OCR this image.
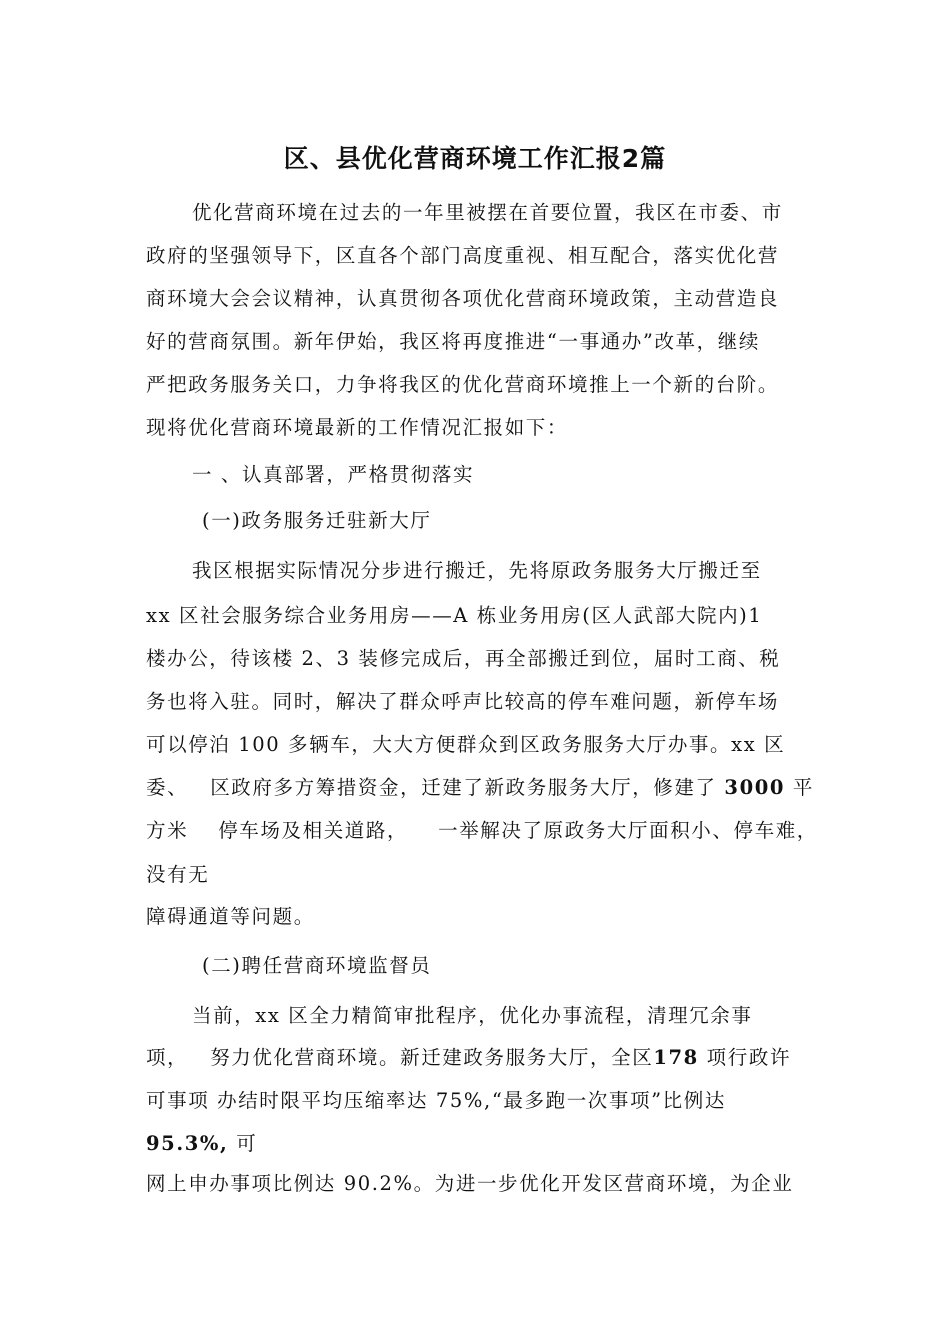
区、县优化营商环境工作汇报2篇
优化营商环境在过去的一年里被摆在首要位置，我区在市委、市
政府的坚强领导下，区直各个部门高度重视、相互配合，落实优化营
商环境大会会议精神，认真贯彻各项优化营商环境政策，主动营造良
好的营商氛围。新年伊始，我区将再度推进“一事通办”改革，继续
严把政务服务关口，力争将我区的优化营商环境推上一个新的台阶。
现将优化营商环境最新的工作情况汇报如下：
一 、认真部署，严格贯彻落实
(一)政务服务迁驻新大厅
我区根据实际情况分步进行搬迁，先将原政务服务大厅搬迁至
xx 区社会服务综合业务用房——A 栋业务用房(区人武部大院内)1
楼办公，待该楼 2、3 装修完成后，再全部搬迁到位，届时工商、税
务也将入驻。同时，解决了群众呼声比较高的停车难问题，新停车场
可以停泊 100 多辆车，大大方便群众到区政务服务大厅办事。xx 区
委、 区政府多方筹措资金，迁建了新政务服务大厅，修建了 3000 平
方米 停车场及相关道路， 一举解决了原政务大厅面积小、停车难，
没有无
障碍通道等问题。
(二)聘任营商环境监督员
当前，xx 区全力精简审批程序，优化办事流程，清理冗余事
项， 努力优化营商环境。新迁建政务服务大厅，全区178 项行政许
可事项 办结时限平均压缩率达 75%,“最多跑一次事项”比例达
95.3%, 可
网上申办事项比例达 90.2%。为进一步优化开发区营商环境，为企业
